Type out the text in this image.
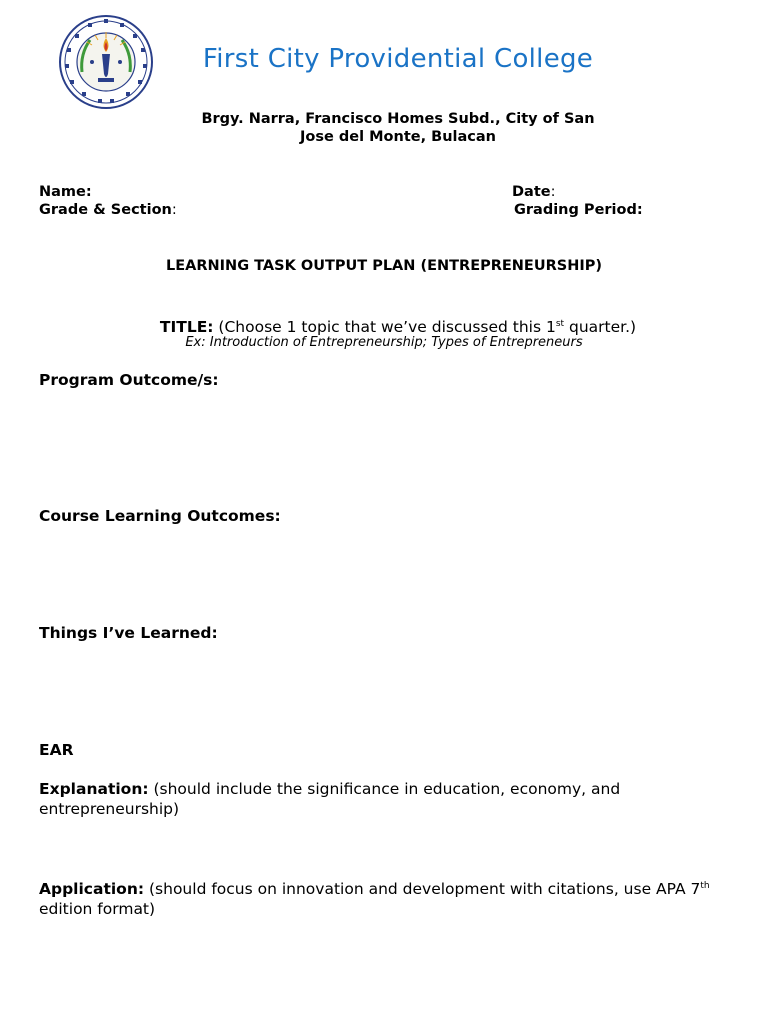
First City Providential College
Brgy. Narra, Francisco Homes Subd., City of San Jose del Monte, Bulacan
Name:	Date:
Grade & Section:	Grading Period:
LEARNING TASK OUTPUT PLAN (ENTREPRENEURSHIP)
TITLE: (Choose 1 topic that we’ve discussed this 1st quarter.)
Ex: Introduction of Entrepreneurship; Types of Entrepreneurs
Program Outcome/s:
Course Learning Outcomes:
Things I’ve Learned:
EAR
Explanation: (should include the significance in education, economy, and entrepreneurship)
Application: (should focus on innovation and development with citations, use APA 7th edition format)
